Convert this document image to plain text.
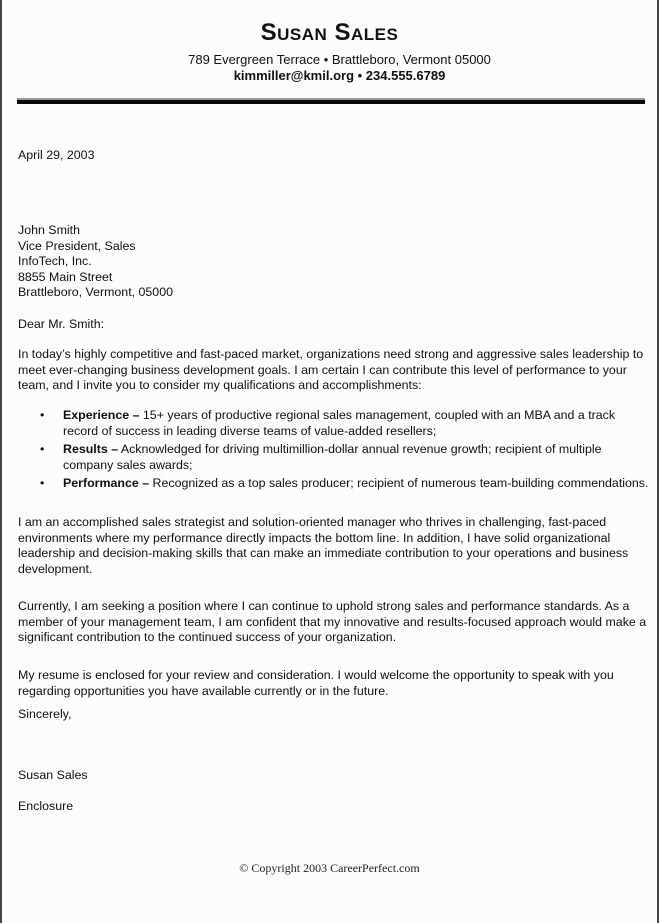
Susan Sales

789 Evergreen Terrace • Brattleboro, Vermont 05000

kimmiller@kmil.org • 234.555.6789

April 29, 2003

John Smith

Vice President, Sales

InfoTech, Inc.

8855 Main Street

Brattleboro, Vermont, 05000

Dear Mr. Smith:

In today’s highly competitive and fast-paced market, organizations need strong and aggressive sales leadership to meet ever-changing business development goals. I am certain I can contribute this level of performance to your team, and I invite you to consider my qualifications and accomplishments:

• Experience – 15+ years of productive regional sales management, coupled with an MBA and a track record of success in leading diverse teams of value-added resellers;
• Results – Acknowledged for driving multimillion-dollar annual revenue growth; recipient of multiple company sales awards;
• Performance – Recognized as a top sales producer; recipient of numerous team-building commendations.

I am an accomplished sales strategist and solution-oriented manager who thrives in challenging, fast-paced environments where my performance directly impacts the bottom line. In addition, I have solid organizational leadership and decision-making skills that can make an immediate contribution to your operations and business development.

Currently, I am seeking a position where I can continue to uphold strong sales and performance standards. As a member of your management team, I am confident that my innovative and results-focused approach would make a significant contribution to the continued success of your organization.

My resume is enclosed for your review and consideration. I would welcome the opportunity to speak with you regarding opportunities you have available currently or in the future.

Sincerely,

Susan Sales

Enclosure

© Copyright 2003 CareerPerfect.com
